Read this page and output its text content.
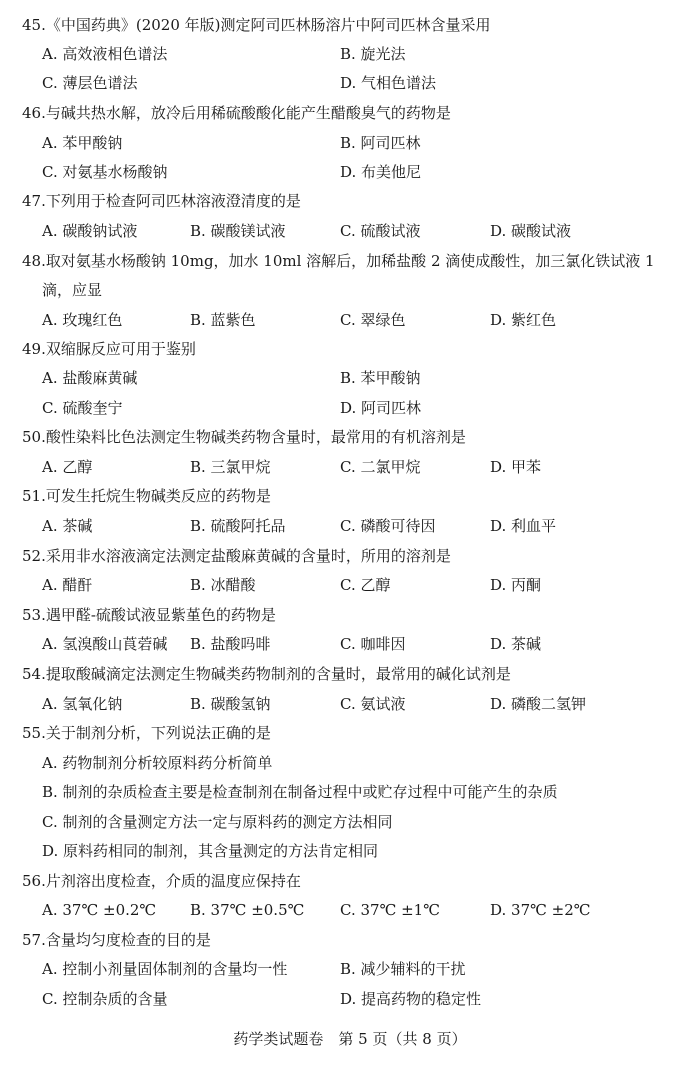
45.《中国药典》(2020 年版)测定阿司匹林肠溶片中阿司匹林含量采用
A. 高效液相色谱法	B. 旋光法
C. 薄层色谱法	D. 气相色谱法
46.与碱共热水解，放冷后用稀硫酸酸化能产生醋酸臭气的药物是
A. 苯甲酸钠	B. 阿司匹林
C. 对氨基水杨酸钠	D. 布美他尼
47.下列用于检查阿司匹林溶液澄清度的是
A. 碳酸钠试液	B. 碳酸镁试液	C. 硫酸试液	D. 碳酸试液
48.取对氨基水杨酸钠 10mg，加水 10ml 溶解后，加稀盐酸 2 滴使成酸性，加三氯化铁试液 1
滴，应显
A. 玫瑰红色	B. 蓝紫色	C. 翠绿色	D. 紫红色
49.双缩脲反应可用于鉴别
A. 盐酸麻黄碱	B. 苯甲酸钠
C. 硫酸奎宁	D. 阿司匹林
50.酸性染料比色法测定生物碱类药物含量时，最常用的有机溶剂是
A. 乙醇	B. 三氯甲烷	C. 二氯甲烷	D. 甲苯
51.可发生托烷生物碱类反应的药物是
A. 茶碱	B. 硫酸阿托品	C. 磷酸可待因	D. 利血平
52.采用非水溶液滴定法测定盐酸麻黄碱的含量时，所用的溶剂是
A. 醋酐	B. 冰醋酸	C. 乙醇	D. 丙酮
53.遇甲醛-硫酸试液显紫堇色的药物是
A. 氢溴酸山莨菪碱 B. 盐酸吗啡	C. 咖啡因	D. 茶碱
54.提取酸碱滴定法测定生物碱类药物制剂的含量时，最常用的碱化试剂是
A. 氢氧化钠	B. 碳酸氢钠	C. 氨试液	D. 磷酸二氢钾
55.关于制剂分析，下列说法正确的是
A. 药物制剂分析较原料药分析简单
B. 制剂的杂质检查主要是检查制剂在制备过程中或贮存过程中可能产生的杂质
C. 制剂的含量测定方法一定与原料药的测定方法相同
D. 原料药相同的制剂，其含量测定的方法肯定相同
56.片剂溶出度检查，介质的温度应保持在
A. 37℃ ±0.2℃ B. 37℃ ±0.5℃ C. 37℃ ±1℃	D. 37℃ ±2℃
57.含量均匀度检查的目的是
A. 控制小剂量固体制剂的含量均一性	B. 减少辅料的干扰
C. 控制杂质的含量	D. 提高药物的稳定性
药学类试题卷　第 5 页（共 8 页）
